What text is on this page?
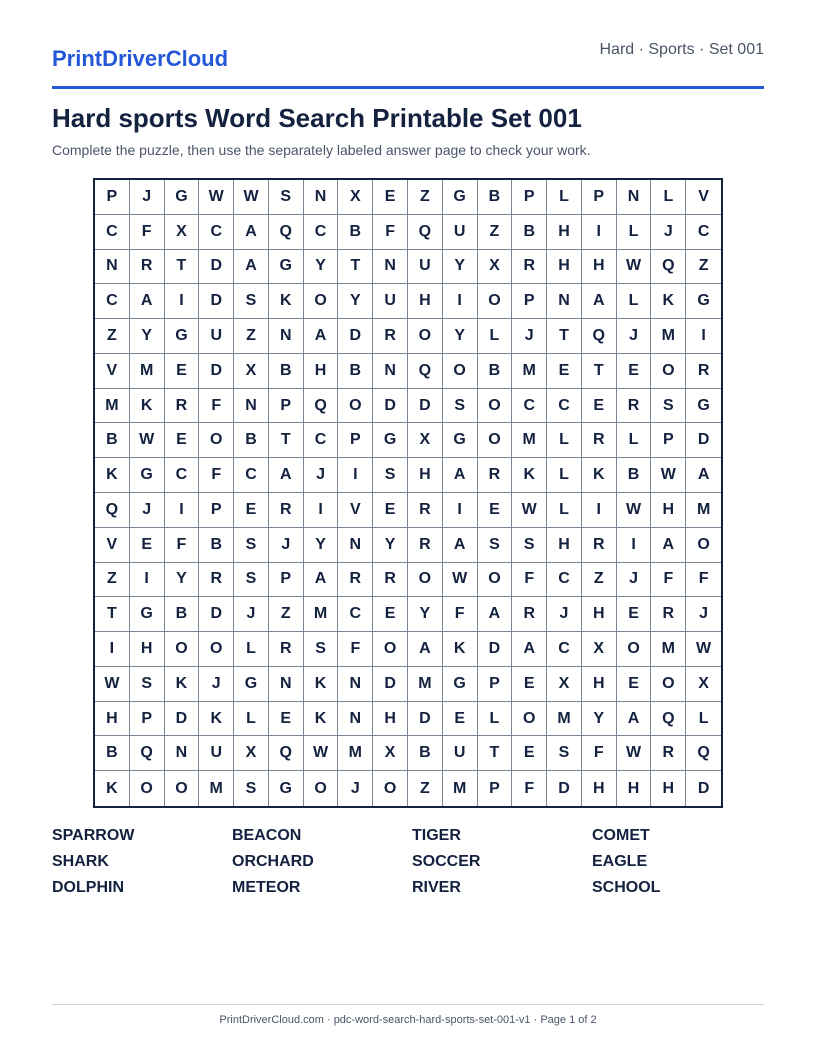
PrintDriverCloud	Hard · Sports · Set 001
Hard sports Word Search Printable Set 001
Complete the puzzle, then use the separately labeled answer page to check your work.
P	J	G	W	W	S	N	X	E	Z	G	B	P	L	P	N	L	V
C	F	X	C	A	Q	C	B	F	Q	U	Z	B	H	I	L	J	C
N	R	T	D	A	G	Y	T	N	U	Y	X	R	H	H	W	Q	Z
C	A	I	D	S	K	O	Y	U	H	I	O	P	N	A	L	K	G
Z	Y	G	U	Z	N	A	D	R	O	Y	L	J	T	Q	J	M	I
V	M	E	D	X	B	H	B	N	Q	O	B	M	E	T	E	O	R
M	K	R	F	N	P	Q	O	D	D	S	O	C	C	E	R	S	G
B	W	E	O	B	T	C	P	G	X	G	O	M	L	R	L	P	D
K	G	C	F	C	A	J	I	S	H	A	R	K	L	K	B	W	A
Q	J	I	P	E	R	I	V	E	R	I	E	W	L	I	W	H	M
V	E	F	B	S	J	Y	N	Y	R	A	S	S	H	R	I	A	O
Z	I	Y	R	S	P	A	R	R	O	W	O	F	C	Z	J	F	F
T	G	B	D	J	Z	M	C	E	Y	F	A	R	J	H	E	R	J
I	H	O	O	L	R	S	F	O	A	K	D	A	C	X	O	M	W
W	S	K	J	G	N	K	N	D	M	G	P	E	X	H	E	O	X
H	P	D	K	L	E	K	N	H	D	E	L	O	M	Y	A	Q	L
B	Q	N	U	X	Q	W	M	X	B	U	T	E	S	F	W	R	Q
K	O	O	M	S	G	O	J	O	Z	M	P	F	D	H	H	H	D
SPARROW	BEACON	TIGER	COMET
SHARK	ORCHARD	SOCCER	EAGLE
DOLPHIN	METEOR	RIVER	SCHOOL
PrintDriverCloud.com · pdc-word-search-hard-sports-set-001-v1 · Page 1 of 2
